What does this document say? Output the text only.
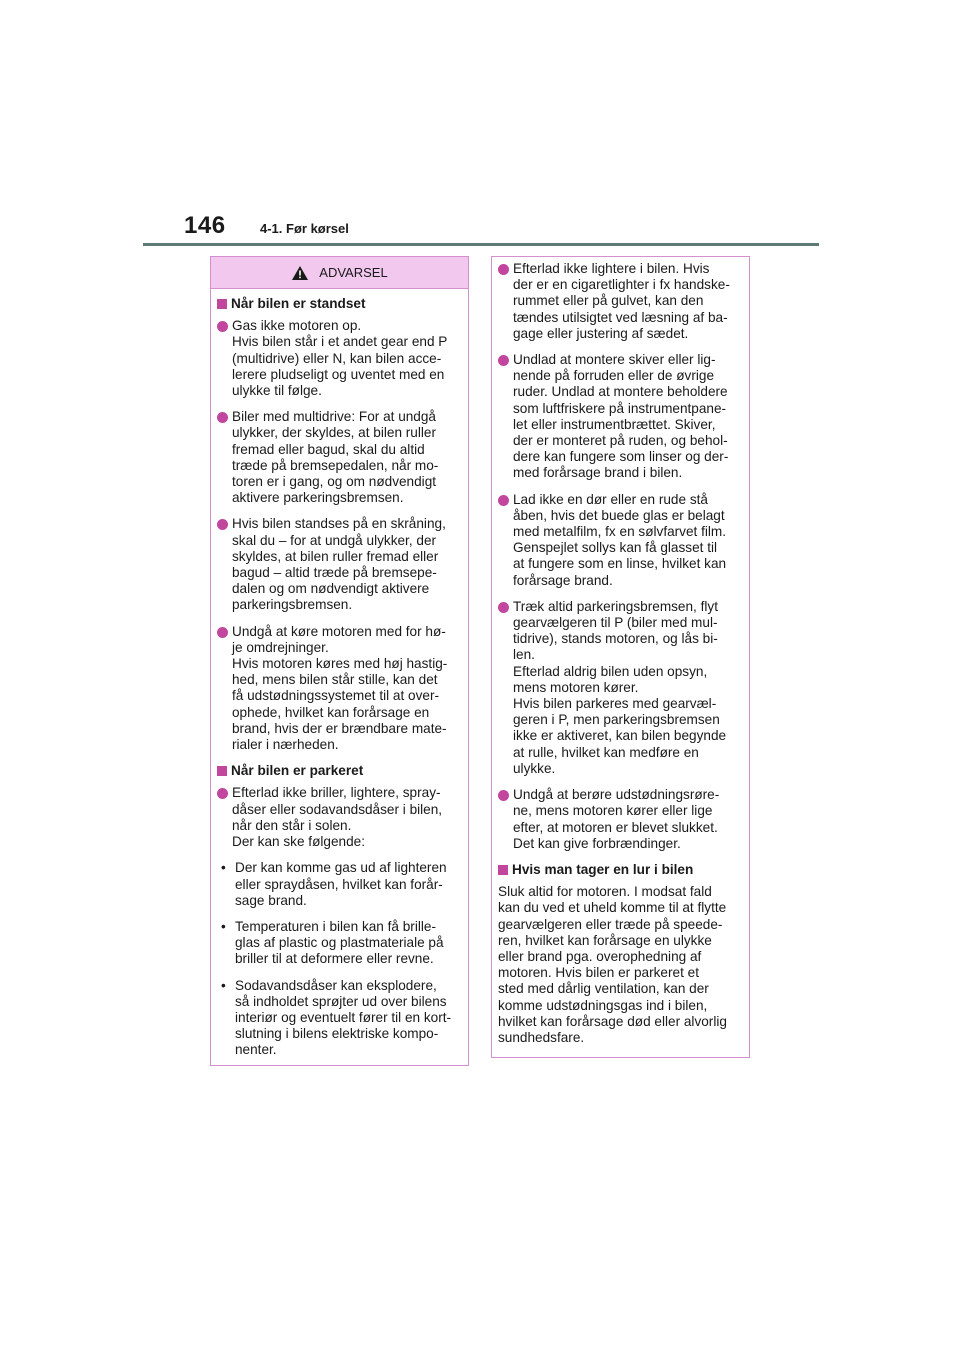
146	4-1. Før kørsel
ADVARSEL
Når bilen er standset
Gas ikke motoren op.
Hvis bilen står i et andet gear end P
(multidrive) eller N, kan bilen acce-
lerere pludseligt og uventet med en
ulykke til følge.
Biler med multidrive: For at undgå
ulykker, der skyldes, at bilen ruller
fremad eller bagud, skal du altid
træde på bremsepedalen, når mo-
toren er i gang, og om nødvendigt
aktivere parkeringsbremsen.
Hvis bilen standses på en skråning,
skal du – for at undgå ulykker, der
skyldes, at bilen ruller fremad eller
bagud – altid træde på bremsepe-
dalen og om nødvendigt aktivere
parkeringsbremsen.
Undgå at køre motoren med for hø-
je omdrejninger.
Hvis motoren køres med høj hastig-
hed, mens bilen står stille, kan det
få udstødningssystemet til at over-
ophede, hvilket kan forårsage en
brand, hvis der er brændbare mate-
rialer i nærheden.
Når bilen er parkeret
Efterlad ikke briller, lightere, spray-
dåser eller sodavandsdåser i bilen,
når den står i solen.
Der kan ske følgende:
• Der kan komme gas ud af lighteren
eller spraydåsen, hvilket kan forår-
sage brand.
• Temperaturen i bilen kan få brille-
glas af plastic og plastmateriale på
briller til at deformere eller revne.
• Sodavandsdåser kan eksplodere,
så indholdet sprøjter ud over bilens
interiør og eventuelt fører til en kort-
slutning i bilens elektriske kompo-
nenter.
Efterlad ikke lightere i bilen. Hvis
der er en cigaretlighter i fx handske-
rummet eller på gulvet, kan den
tændes utilsigtet ved læsning af ba-
gage eller justering af sædet.
Undlad at montere skiver eller lig-
nende på forruden eller de øvrige
ruder. Undlad at montere beholdere
som luftfriskere på instrumentpane-
let eller instrumentbrættet. Skiver,
der er monteret på ruden, og behol-
dere kan fungere som linser og der-
med forårsage brand i bilen.
Lad ikke en dør eller en rude stå
åben, hvis det buede glas er belagt
med metalfilm, fx en sølvfarvet film.
Genspejlet sollys kan få glasset til
at fungere som en linse, hvilket kan
forårsage brand.
Træk altid parkeringsbremsen, flyt
gearvælgeren til P (biler med mul-
tidrive), stands motoren, og lås bi-
len.
Efterlad aldrig bilen uden opsyn,
mens motoren kører.
Hvis bilen parkeres med gearvæl-
geren i P, men parkeringsbremsen
ikke er aktiveret, kan bilen begynde
at rulle, hvilket kan medføre en
ulykke.
Undgå at berøre udstødningsrøre-
ne, mens motoren kører eller lige
efter, at motoren er blevet slukket.
Det kan give forbrændinger.
Hvis man tager en lur i bilen
Sluk altid for motoren. I modsat fald
kan du ved et uheld komme til at flytte
gearvælgeren eller træde på speede-
ren, hvilket kan forårsage en ulykke
eller brand pga. overophedning af
motoren. Hvis bilen er parkeret et
sted med dårlig ventilation, kan der
komme udstødningsgas ind i bilen,
hvilket kan forårsage død eller alvorlig
sundhedsfare.
